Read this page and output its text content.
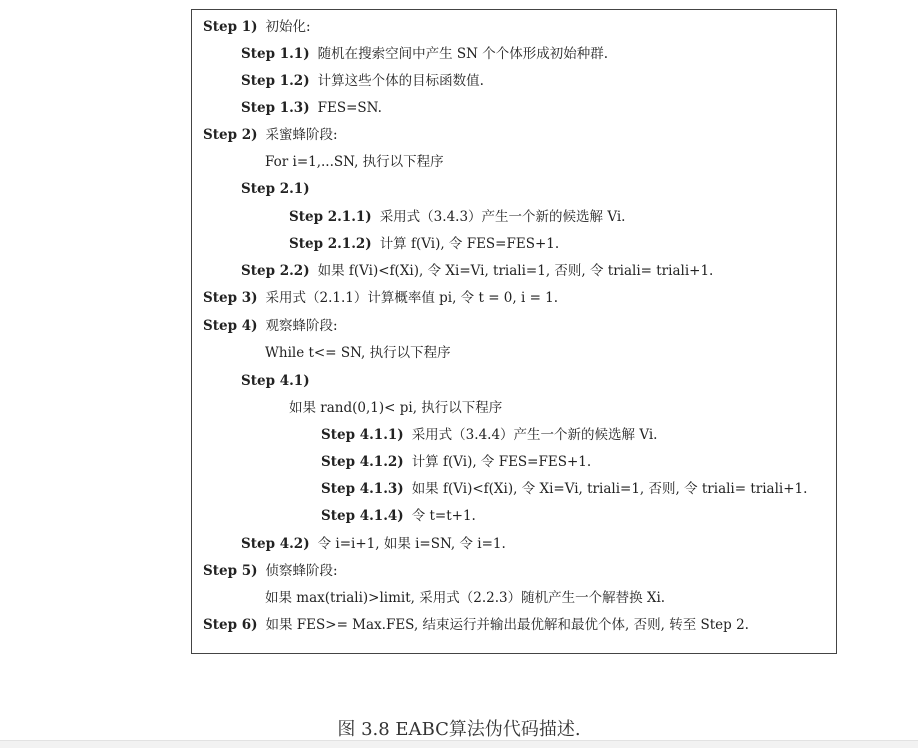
Step 1) 初始化:
Step 1.1) 随机在搜索空间中产生 SN 个个体形成初始种群.
Step 1.2) 计算这些个体的目标函数值.
Step 1.3) FES=SN.
Step 2) 采蜜蜂阶段:
For i=1,...SN, 执行以下程序
Step 2.1)
Step 2.1.1) 采用式（3.4.3）产生一个新的候选解 Vi.
Step 2.1.2) 计算 f(Vi), 令 FES=FES+1.
Step 2.2) 如果 f(Vi)<f(Xi), 令 Xi=Vi, triali=1, 否则, 令 triali= triali+1.
Step 3) 采用式（2.1.1）计算概率值 pi, 令 t = 0, i = 1.
Step 4) 观察蜂阶段:
While t<= SN, 执行以下程序
Step 4.1)
如果 rand(0,1)< pi, 执行以下程序
Step 4.1.1) 采用式（3.4.4）产生一个新的候选解 Vi.
Step 4.1.2) 计算 f(Vi), 令 FES=FES+1.
Step 4.1.3) 如果 f(Vi)<f(Xi), 令 Xi=Vi, triali=1, 否则, 令 triali= triali+1.
Step 4.1.4) 令 t=t+1.
Step 4.2) 令 i=i+1, 如果 i=SN, 令 i=1.
Step 5) 侦察蜂阶段:
如果 max(triali)>limit, 采用式（2.2.3）随机产生一个解替换 Xi.
Step 6) 如果 FES>= Max.FES, 结束运行并输出最优解和最优个体, 否则, 转至 Step 2.
图 3.8 EABC算法伪代码描述.
